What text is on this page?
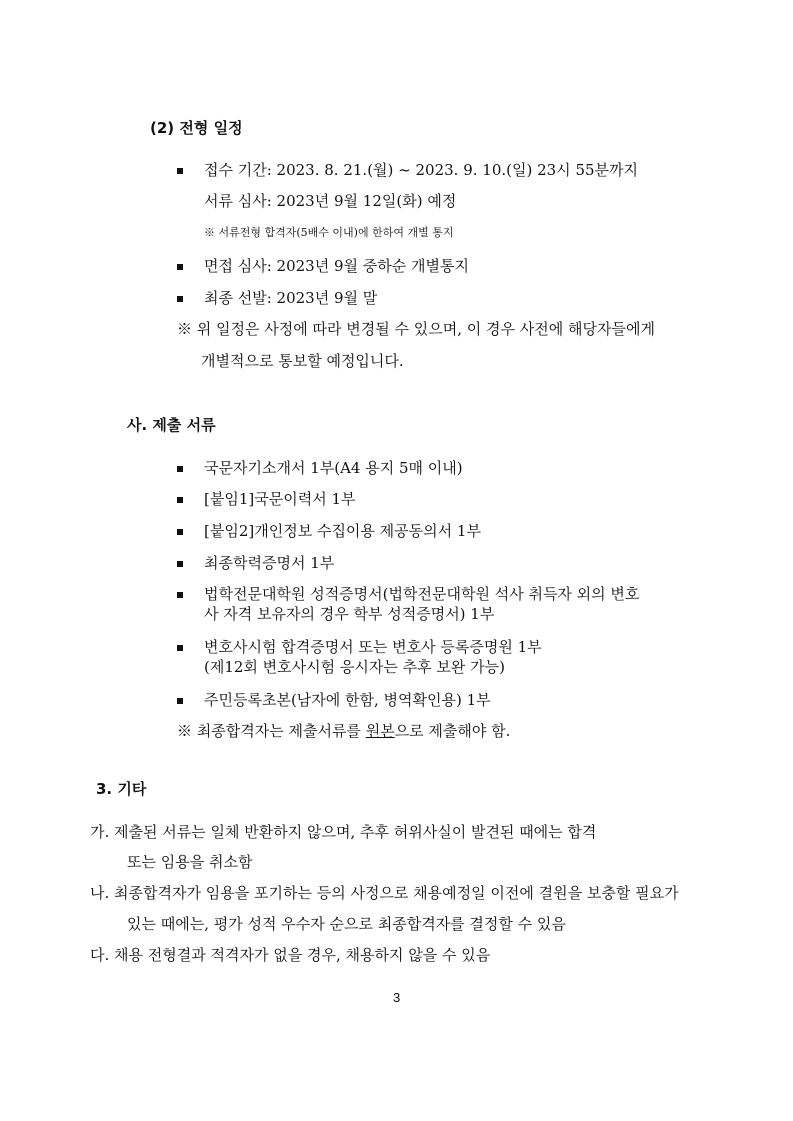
(2) 전형 일정
접수 기간: 2023. 8. 21.(월) ~ 2023. 9. 10.(일) 23시 55분까지
서류 심사: 2023년 9월 12일(화) 예정
※ 서류전형 합격자(5배수 이내)에 한하여 개별 통지
면접 심사: 2023년 9월 중하순 개별통지
최종 선발: 2023년 9월 말
※ 위 일정은 사정에 따라 변경될 수 있으며, 이 경우 사전에 해당자들에게
개별적으로 통보할 예정입니다.
사. 제출 서류
국문자기소개서 1부(A4 용지 5매 이내)
[붙임1]국문이력서 1부
[붙임2]개인정보 수집이용 제공동의서 1부
최종학력증명서 1부
법학전문대학원 성적증명서(법학전문대학원 석사 취득자 외의 변호
사 자격 보유자의 경우 학부 성적증명서) 1부
변호사시험 합격증명서 또는 변호사 등록증명원 1부
(제12회 변호사시험 응시자는 추후 보완 가능)
주민등록초본(남자에 한함, 병역확인용) 1부
※ 최종합격자는 제출서류를 원본으로 제출해야 함.
3. 기타
가. 제출된 서류는 일체 반환하지 않으며, 추후 허위사실이 발견된 때에는 합격
또는 임용을 취소함
나. 최종합격자가 임용을 포기하는 등의 사정으로 채용예정일 이전에 결원을 보충할 필요가
있는 때에는, 평가 성적 우수자 순으로 최종합격자를 결정할 수 있음
다. 채용 전형결과 적격자가 없을 경우, 채용하지 않을 수 있음
3
